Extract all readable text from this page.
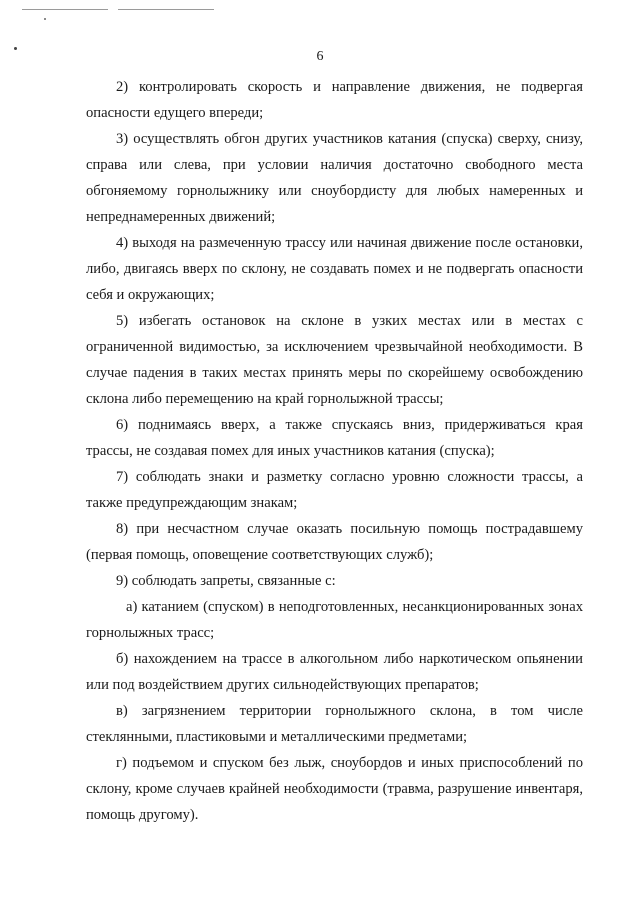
6

2) контролировать скорость и направление движения, не подвергая опасности едущего впереди;

3) осуществлять обгон других участников катания (спуска) сверху, снизу, справа или слева, при условии наличия достаточно свободного места обгоняемому горнолыжнику или сноубордисту для любых намеренных и непреднамеренных движений;

4) выходя на размеченную трассу или начиная движение после остановки, либо, двигаясь вверх по склону, не создавать помех и не подвергать опасности себя и окружающих;

5) избегать остановок на склоне в узких местах или в местах с ограниченной видимостью, за исключением чрезвычайной необходимости. В случае падения в таких местах принять меры по скорейшему освобождению склона либо перемещению на край горнолыжной трассы;

6) поднимаясь вверх, а также спускаясь вниз, придерживаться края трассы, не создавая помех для иных участников катания (спуска);

7) соблюдать знаки и разметку согласно уровню сложности трассы, а также предупреждающим знакам;

8) при несчастном случае оказать посильную помощь пострадавшему (первая помощь, оповещение соответствующих служб);

9) соблюдать запреты, связанные с:

а) катанием (спуском) в неподготовленных, несанкционированных зонах горнолыжных трасс;

б) нахождением на трассе в алкогольном либо наркотическом опьянении или под воздействием других сильнодействующих препаратов;

в) загрязнением территории горнолыжного склона, в том числе стеклянными, пластиковыми и металлическими предметами;

г) подъемом и спуском без лыж, сноубордов и иных приспособлений по склону, кроме случаев крайней необходимости (травма, разрушение инвентаря, помощь другому).
